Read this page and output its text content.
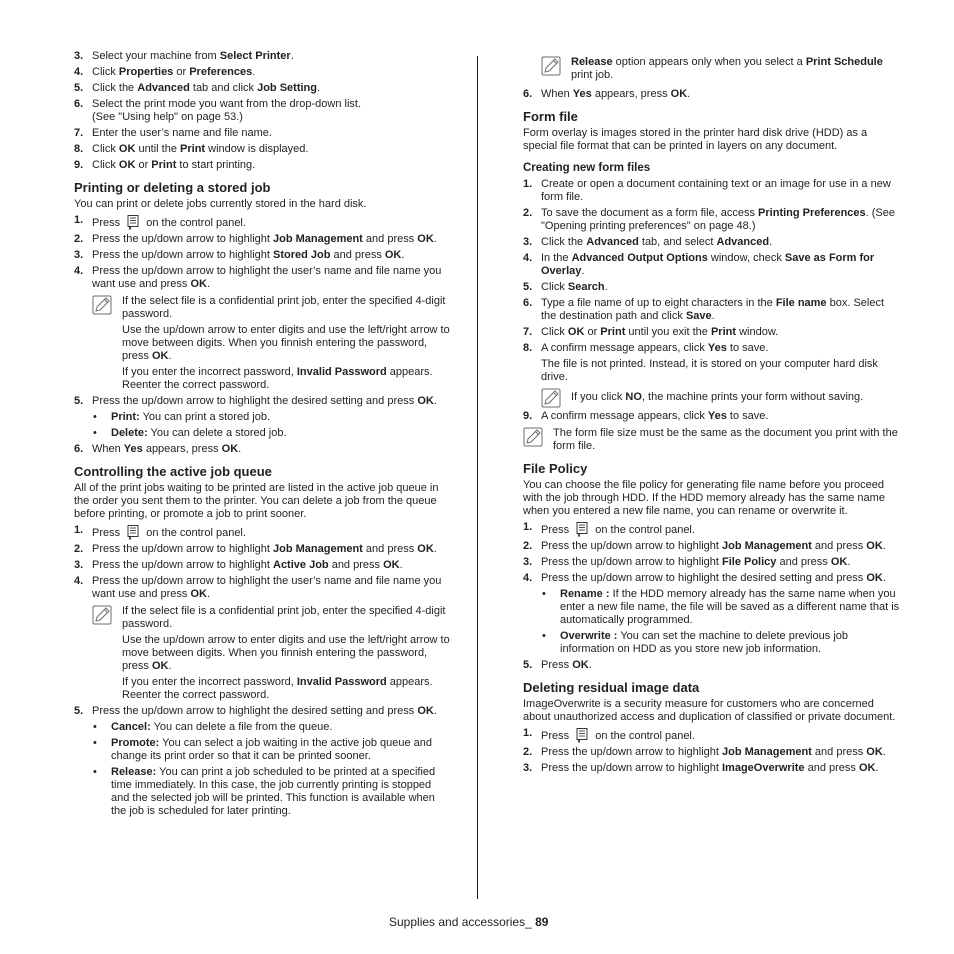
3. Select your machine from Select Printer.
4. Click Properties or Preferences.
5. Click the Advanced tab and click Job Setting.
6. Select the print mode you want from the drop-down list.
(See "Using help" on page 53.)
7. Enter the user’s name and file name.
8. Click OK until the Print window is displayed.
9. Click OK or Print to start printing.
Printing or deleting a stored job
You can print or delete jobs currently stored in the hard disk.
1. Press on the control panel.
2. Press the up/down arrow to highlight Job Management and press OK.
3. Press the up/down arrow to highlight Stored Job and press OK.
4. Press the up/down arrow to highlight the user’s name and file name you want use and press OK.

If the select file is a confidential print job, enter the specified 4-digit password.

Use the up/down arrow to enter digits and use the left/right arrow to move between digits. When you finnish entering the password, press OK.

If you enter the incorrect password, Invalid Password appears. Reenter the correct password.

5. Press the up/down arrow to highlight the desired setting and press OK.
• Print: You can print a stored job.
• Delete: You can delete a stored job.
6. When Yes appears, press OK.
Controlling the active job queue
All of the print jobs waiting to be printed are listed in the active job queue in the order you sent them to the printer. You can delete a job from the queue before printing, or promote a job to print sooner.
1. Press on the control panel.
2. Press the up/down arrow to highlight Job Management and press OK.
3. Press the up/down arrow to highlight Active Job and press OK.
4. Press the up/down arrow to highlight the user’s name and file name you want use and press OK.

If the select file is a confidential print job, enter the specified 4-digit password.

Use the up/down arrow to enter digits and use the left/right arrow to move between digits. When you finnish entering the password, press OK.

If you enter the incorrect password, Invalid Password appears. Reenter the correct password.

5. Press the up/down arrow to highlight the desired setting and press OK.
• Cancel: You can delete a file from the queue.
• Promote: You can select a job waiting in the active job queue and change its print order so that it can be printed sooner.
• Release: You can print a job scheduled to be printed at a specified time immediately. In this case, the job currently printing is stopped and the selected job will be printed. This function is available when the job is scheduled for later printing.
Release option appears only when you select a Print Schedule print job.
6. When Yes appears, press OK.
Form file
Form overlay is images stored in the printer hard disk drive (HDD) as a special file format that can be printed in layers on any document.
Creating new form files
1. Create or open a document containing text or an image for use in a new form file.
2. To save the document as a form file, access Printing Preferences. (See "Opening printing preferences" on page 48.)
3. Click the Advanced tab, and select Advanced.
4. In the Advanced Output Options window, check Save as Form for Overlay.
5. Click Search.
6. Type a file name of up to eight characters in the File name box. Select the destination path and click Save.
7. Click OK or Print until you exit the Print window.
8. A confirm message appears, click Yes to save.
The file is not printed. Instead, it is stored on your computer hard disk drive.
If you click NO, the machine prints your form without saving.
9. A confirm message appears, click Yes to save.
The form file size must be the same as the document you print with the form file.
File Policy
You can choose the file policy for generating file name before you proceed with the job through HDD. If the HDD memory already has the same name when you entered a new file name, you can rename or overwrite it.
1. Press on the control panel.
2. Press the up/down arrow to highlight Job Management and press OK.
3. Press the up/down arrow to highlight File Policy and press OK.
4. Press the up/down arrow to highlight the desired setting and press OK.
• Rename : If the HDD memory already has the same name when you enter a new file name, the file will be saved as a different name that is automatically programmed.
• Overwrite : You can set the machine to delete previous job information on HDD as you store new job information.
5. Press OK.
Deleting residual image data
ImageOverwrite is a security measure for customers who are concerned about unauthorized access and duplication of classified or private document.
1. Press on the control panel.
2. Press the up/down arrow to highlight Job Management and press OK.
3. Press the up/down arrow to highlight ImageOverwrite and press OK.
Supplies and accessories_ 89
